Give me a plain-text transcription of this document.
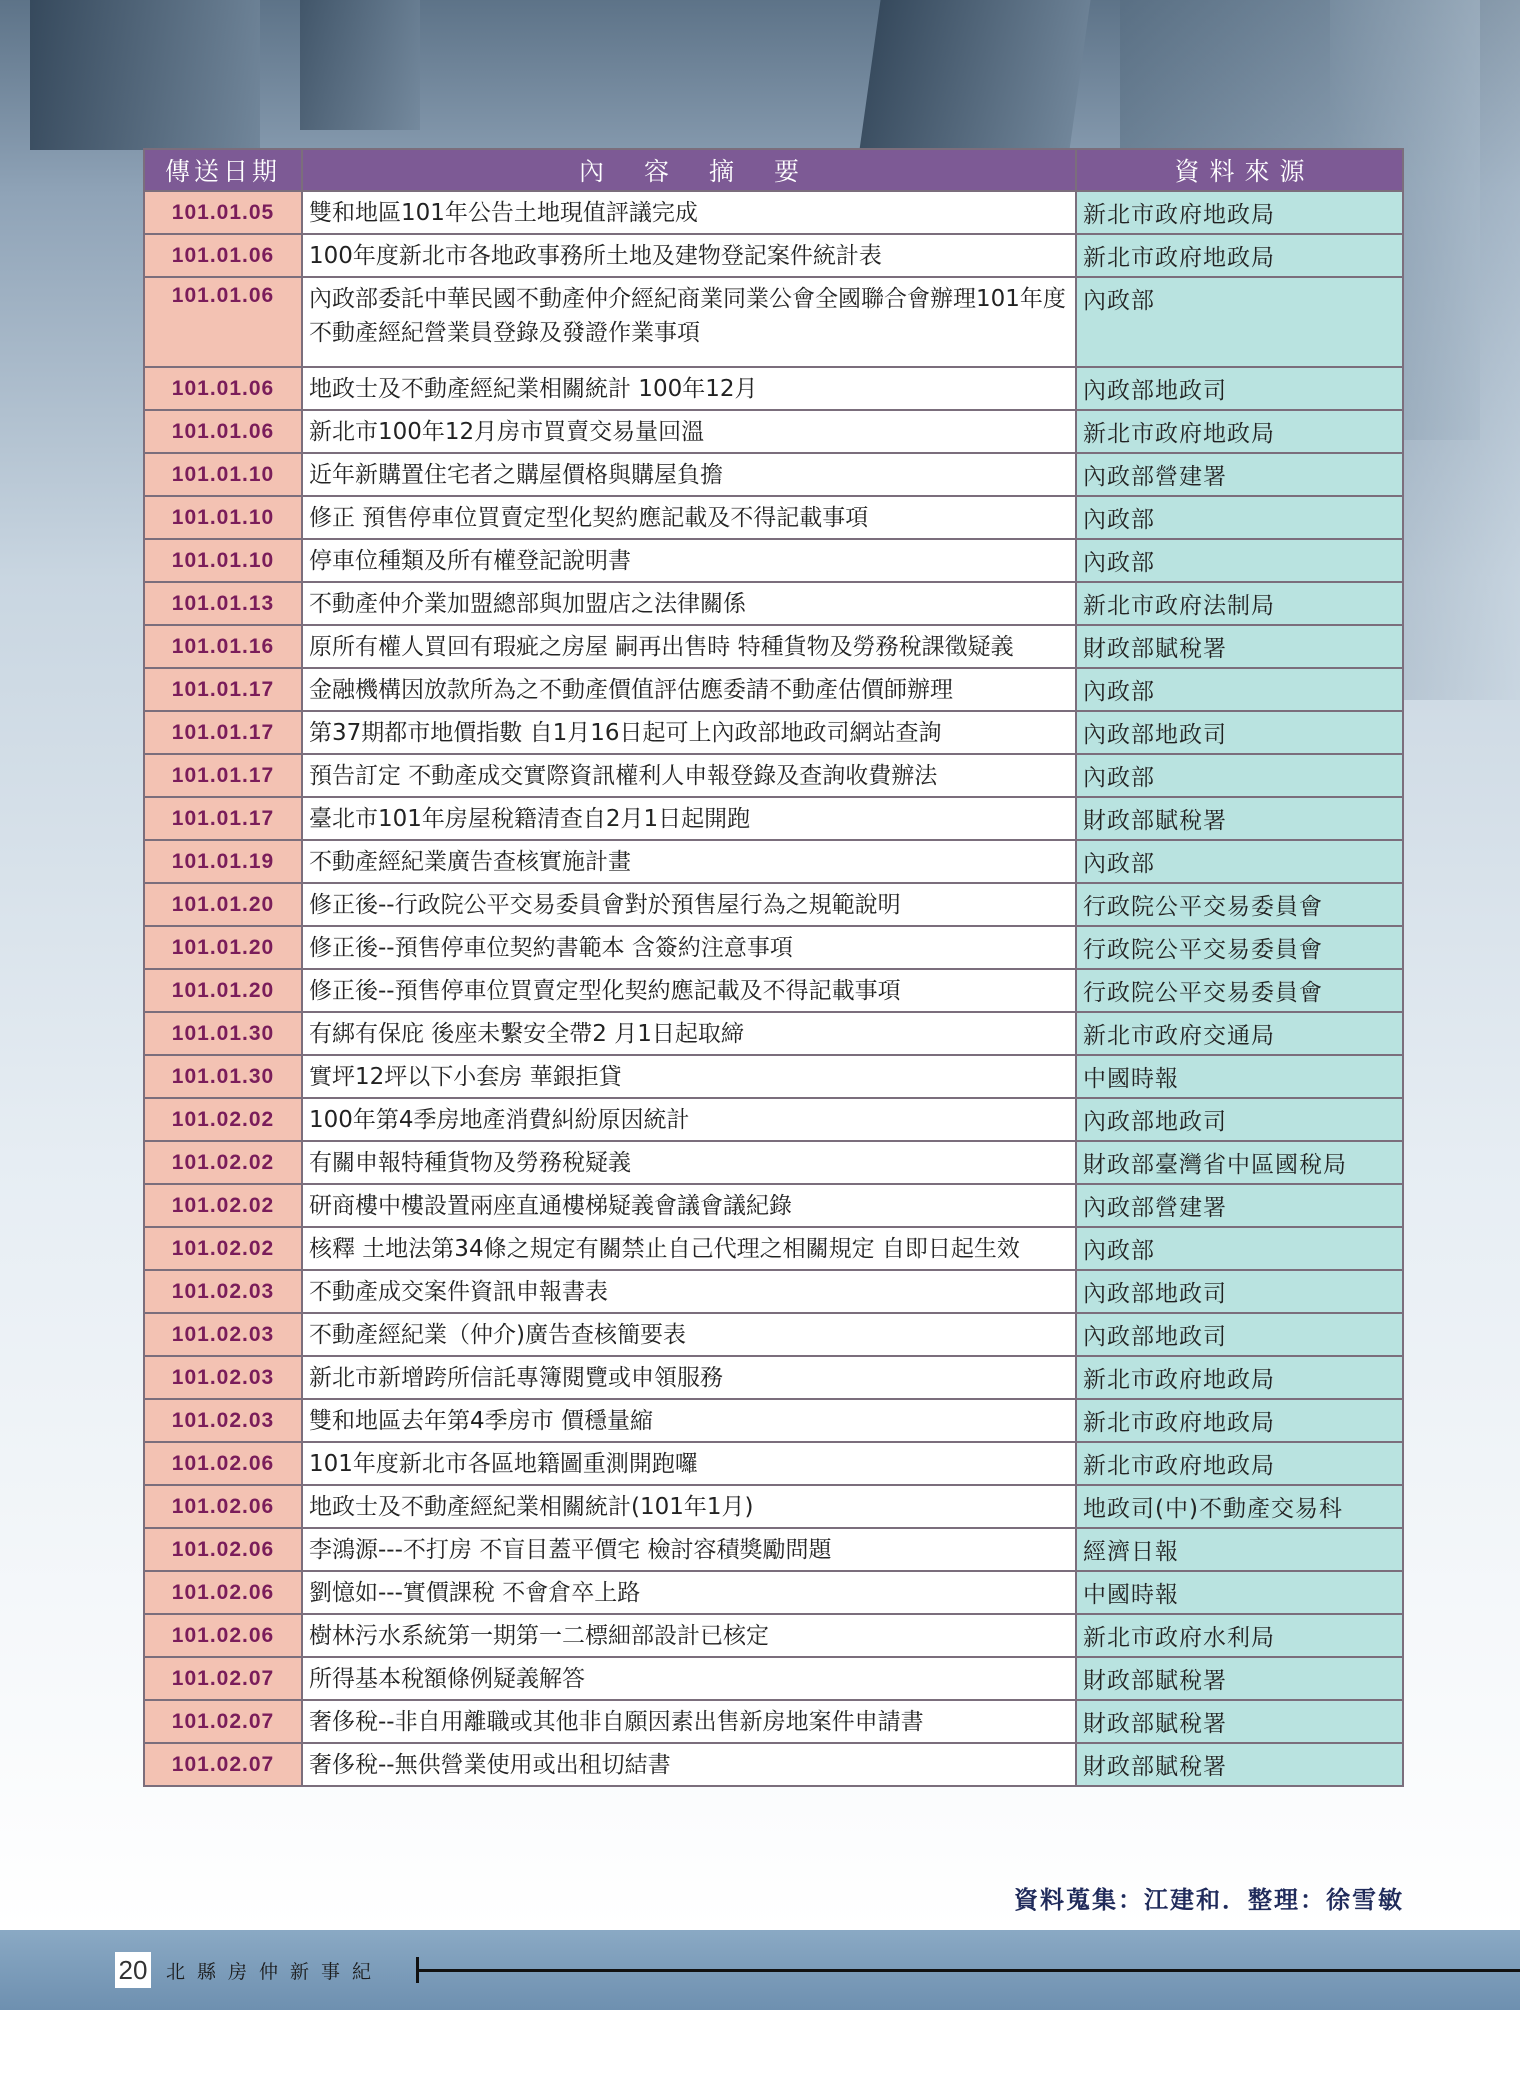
傳送日期	內容摘要	資料來源
101.01.05	雙和地區101年公告土地現值評議完成	新北市政府地政局
101.01.06	100年度新北市各地政事務所土地及建物登記案件統計表	新北市政府地政局
101.01.06	內政部委託中華民國不動產仲介經紀商業同業公會全國聯合會辦理101年度不動產經紀營業員登錄及發證作業事項	內政部
101.01.06	地政士及不動產經紀業相關統計 100年12月	內政部地政司
101.01.06	新北市100年12月房市買賣交易量回溫	新北市政府地政局
101.01.10	近年新購置住宅者之購屋價格與購屋負擔	內政部營建署
101.01.10	修正 預售停車位買賣定型化契約應記載及不得記載事項	內政部
101.01.10	停車位種類及所有權登記說明書	內政部
101.01.13	不動產仲介業加盟總部與加盟店之法律關係	新北市政府法制局
101.01.16	原所有權人買回有瑕疵之房屋 嗣再出售時 特種貨物及勞務稅課徵疑義	財政部賦稅署
101.01.17	金融機構因放款所為之不動產價值評估應委請不動產估價師辦理	內政部
101.01.17	第37期都市地價指數 自1月16日起可上內政部地政司網站查詢	內政部地政司
101.01.17	預告訂定 不動產成交實際資訊權利人申報登錄及查詢收費辦法	內政部
101.01.17	臺北市101年房屋稅籍清查自2月1日起開跑	財政部賦稅署
101.01.19	不動產經紀業廣告查核實施計畫	內政部
101.01.20	修正後--行政院公平交易委員會對於預售屋行為之規範說明	行政院公平交易委員會
101.01.20	修正後--預售停車位契約書範本 含簽約注意事項	行政院公平交易委員會
101.01.20	修正後--預售停車位買賣定型化契約應記載及不得記載事項	行政院公平交易委員會
101.01.30	有綁有保庇 後座未繫安全帶2 月1日起取締	新北市政府交通局
101.01.30	實坪12坪以下小套房 華銀拒貸	中國時報
101.02.02	100年第4季房地產消費糾紛原因統計	內政部地政司
101.02.02	有關申報特種貨物及勞務稅疑義	財政部臺灣省中區國稅局
101.02.02	研商樓中樓設置兩座直通樓梯疑義會議會議紀錄	內政部營建署
101.02.02	核釋 土地法第34條之規定有關禁止自己代理之相關規定 自即日起生效	內政部
101.02.03	不動產成交案件資訊申報書表	內政部地政司
101.02.03	不動產經紀業（仲介)廣告查核簡要表	內政部地政司
101.02.03	新北市新增跨所信託專簿閱覽或申領服務	新北市政府地政局
101.02.03	雙和地區去年第4季房市 價穩量縮	新北市政府地政局
101.02.06	101年度新北市各區地籍圖重測開跑囉	新北市政府地政局
101.02.06	地政士及不動產經紀業相關統計(101年1月)	地政司(中)不動產交易科
101.02.06	李鴻源---不打房 不盲目蓋平價宅 檢討容積獎勵問題	經濟日報
101.02.06	劉憶如---實價課稅 不會倉卒上路	中國時報
101.02.06	樹林污水系統第一期第一二標細部設計已核定	新北市政府水利局
101.02.07	所得基本稅額條例疑義解答	財政部賦稅署
101.02.07	奢侈稅--非自用離職或其他非自願因素出售新房地案件申請書	財政部賦稅署
101.02.07	奢侈稅--無供營業使用或出租切結書	財政部賦稅署
資料蒐集：江建和．整理：徐雪敏
20 北縣房仲新事紀
